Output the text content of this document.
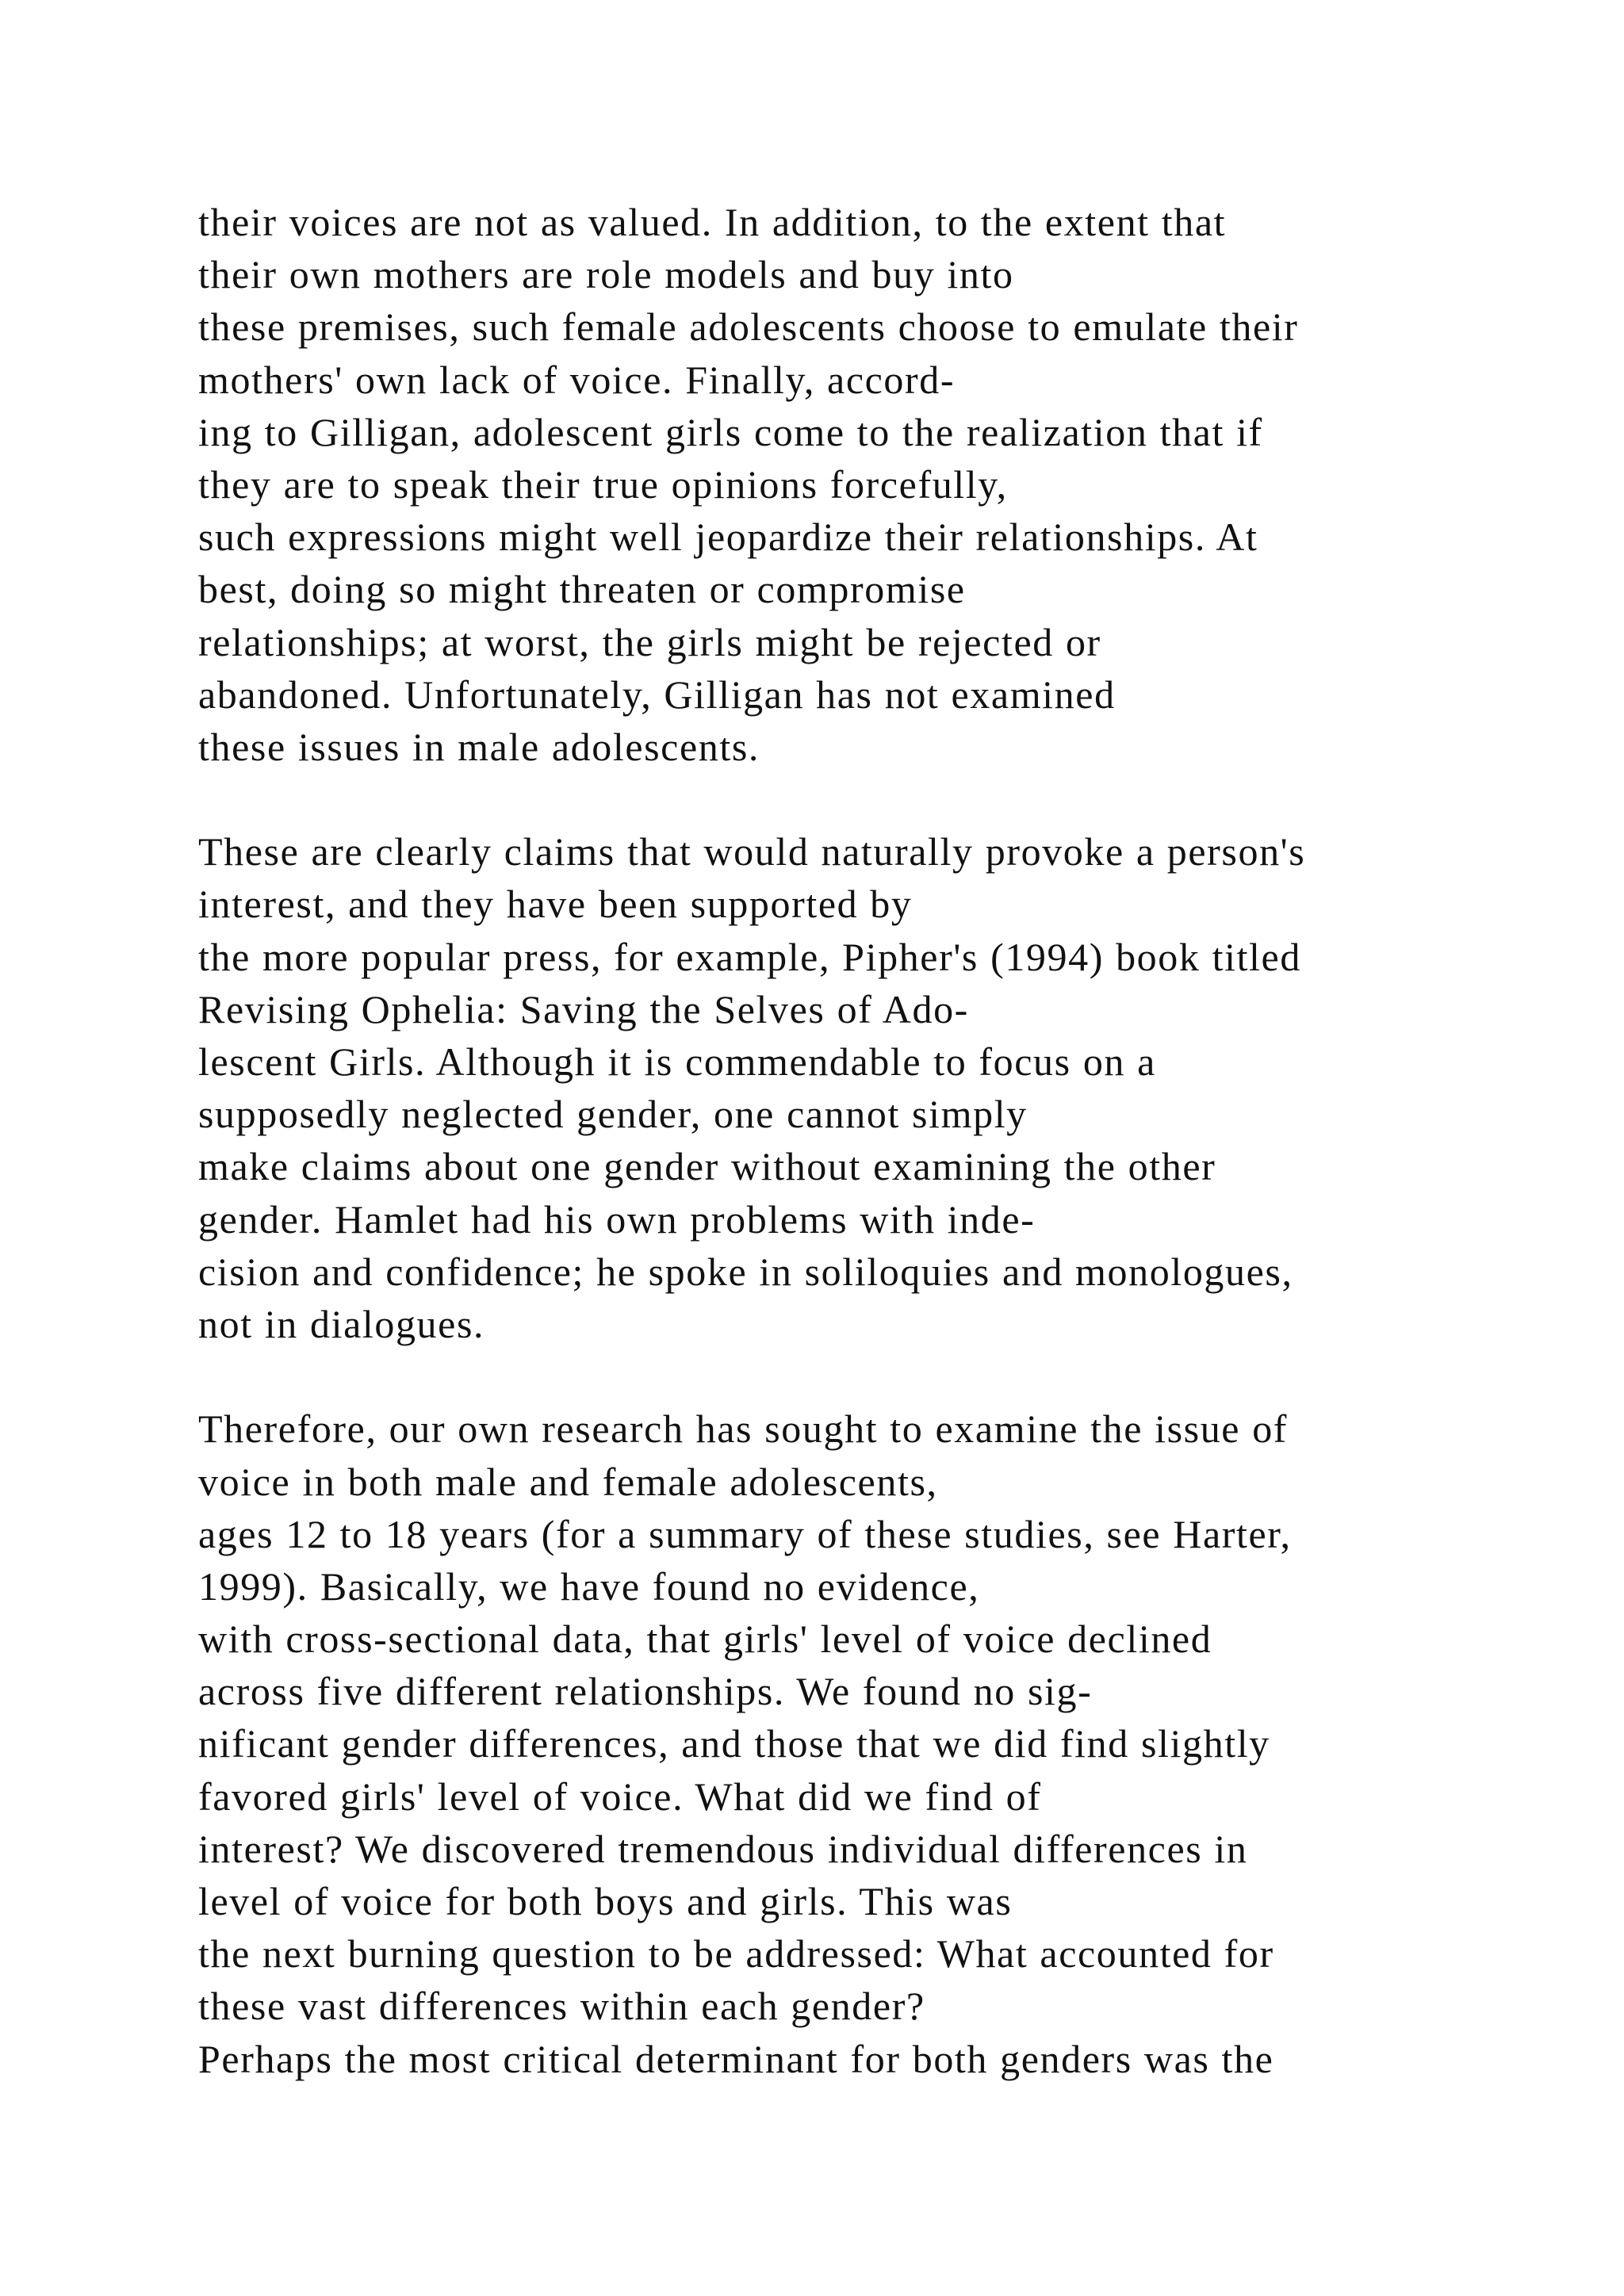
their voices are not as valued. In addition, to the extent that
their own mothers are role models and buy into
these premises, such female adolescents choose to emulate their
mothers' own lack of voice. Finally, accord-
ing to Gilligan, adolescent girls come to the realization that if
they are to speak their true opinions forcefully,
such expressions might well jeopardize their relationships. At
best, doing so might threaten or compromise
relationships; at worst, the girls might be rejected or
abandoned. Unfortunately, Gilligan has not examined
these issues in male adolescents.
These are clearly claims that would naturally provoke a person's
interest, and they have been supported by
the more popular press, for example, Pipher's (1994) book titled
Revising Ophelia: Saving the Selves of Ado-
lescent Girls. Although it is commendable to focus on a
supposedly neglected gender, one cannot simply
make claims about one gender without examining the other
gender. Hamlet had his own problems with inde-
cision and confidence; he spoke in soliloquies and monologues,
not in dialogues.
Therefore, our own research has sought to examine the issue of
voice in both male and female adolescents,
ages 12 to 18 years (for a summary of these studies, see Harter,
1999). Basically, we have found no evidence,
with cross-sectional data, that girls' level of voice declined
across five different relationships. We found no sig-
nificant gender differences, and those that we did find slightly
favored girls' level of voice. What did we find of
interest? We discovered tremendous individual differences in
level of voice for both boys and girls. This was
the next burning question to be addressed: What accounted for
these vast differences within each gender?
Perhaps the most critical determinant for both genders was the
